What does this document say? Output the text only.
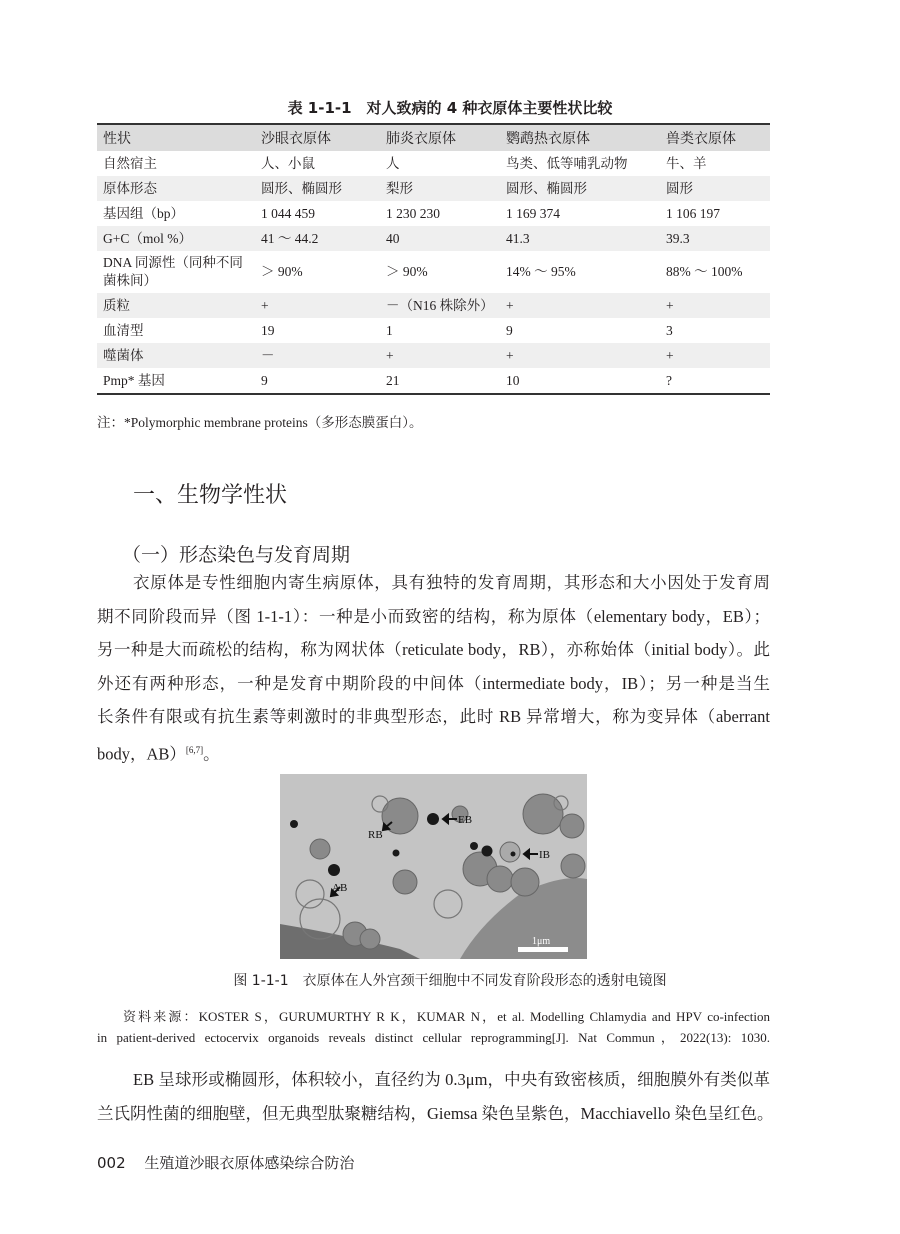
表 1-1-1　对人致病的 4 种衣原体主要性状比较
性状	沙眼衣原体	肺炎衣原体	鹦鹉热衣原体	兽类衣原体
自然宿主	人、小鼠	人	鸟类、低等哺乳动物	牛、羊
原体形态	圆形、椭圆形	梨形	圆形、椭圆形	圆形
基因组（bp）	1 044 459	1 230 230	1 169 374	1 106 197
G+C（mol %）	41 ～ 44.2	40	41.3	39.3
DNA 同源性（同种不同菌株间）	＞ 90%	＞ 90%	14% ～ 95%	88% ～ 100%
质粒	+	－（N16 株除外）	+	+
血清型	19	1	9	3
噬菌体	－	+	+	+
Pmp* 基因	9	21	10	?
注：*Polymorphic membrane proteins（多形态膜蛋白）。
一、生物学性状
（一）形态染色与发育周期
衣原体是专性细胞内寄生病原体，具有独特的发育周期，其形态和大小因处于发育周
期不同阶段而异（图 1-1-1）：一种是小而致密的结构，称为原体（elementary body，EB）；
另一种是大而疏松的结构，称为网状体（reticulate body，RB），亦称始体（initial body）。此
外还有两种形态，一种是发育中期阶段的中间体（intermediate body，IB）；另一种是当生
长条件有限或有抗生素等刺激时的非典型形态，此时 RB 异常增大，称为变异体（aberrant
body，AB）[6,7]。
EB
IB
RB
AB
1μm
图 1-1-1　衣原体在人外宫颈干细胞中不同发育阶段形态的透射电镜图
资料来源：KOSTER S，GURUMURTHY R K，KUMAR N，et al. Modelling Chlamydia and HPV co-infection
in patient-derived ectocervix organoids reveals distinct cellular reprogramming[J]. Nat Commun，2022(13): 1030.
EB 呈球形或椭圆形，体积较小，直径约为 0.3μm，中央有致密核质，细胞膜外有类似革
兰氏阴性菌的细胞壁，但无典型肽聚糖结构，Giemsa 染色呈紫色，Macchiavello 染色呈红色。
002 生殖道沙眼衣原体感染综合防治
